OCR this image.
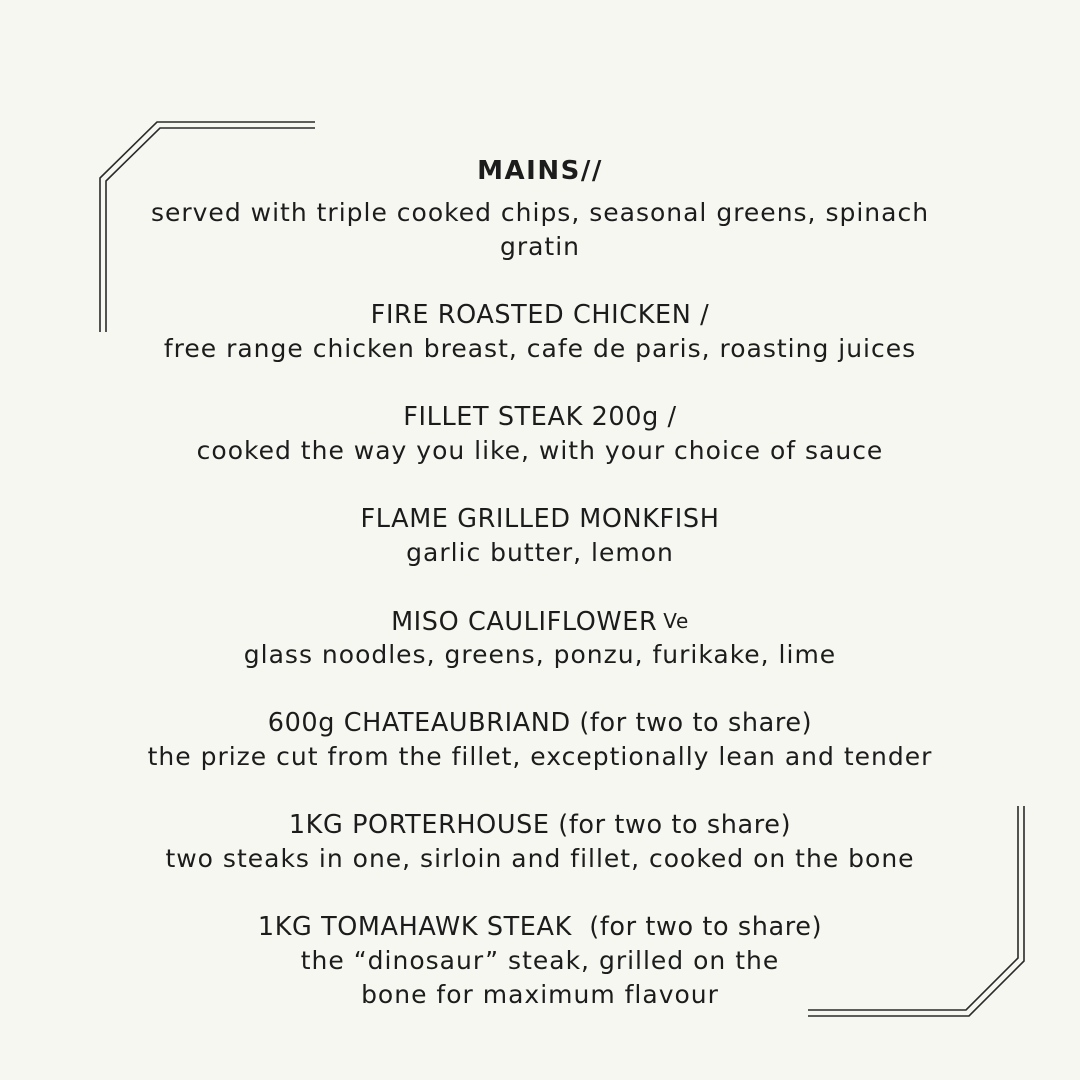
MAINS//
served with triple cooked chips, seasonal greens, spinach
gratin
FIRE ROASTED CHICKEN /
free range chicken breast, cafe de paris, roasting juices
FILLET STEAK 200g /
cooked the way you like, with your choice of sauce
FLAME GRILLED MONKFISH
garlic butter, lemon
MISO CAULIFLOWER Ve
glass noodles, greens, ponzu, furikake, lime
600g CHATEAUBRIAND (for two to share)
the prize cut from the fillet, exceptionally lean and tender
1KG PORTERHOUSE (for two to share)
two steaks in one, sirloin and fillet, cooked on the bone
1KG TOMAHAWK STEAK  (for two to share)
the “dinosaur” steak, grilled on the
bone for maximum flavour
